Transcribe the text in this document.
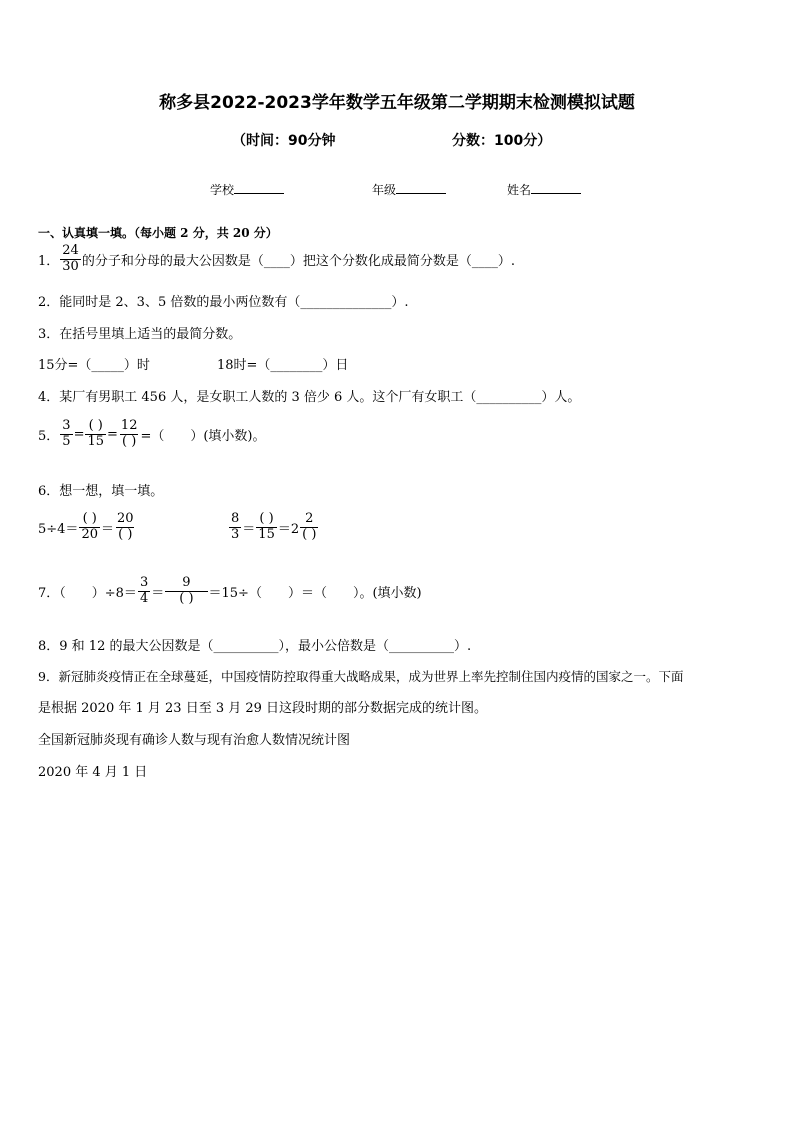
称多县2022-2023学年数学五年级第二学期期末检测模拟试题
（时间：90分钟	分数：100分）
学校	年级	姓名
一、认真填一填。（每小题 2 分，共 20 分）
1． $\frac{24}{30}$ 的分子和分母的最大公因数是（____）把这个分数化成最简分数是（____）.
2．能同时是 2、3、5 倍数的最小两位数有（______________）.
3．在括号里填上适当的最简分数。
15分=（_____）时	18时=（________）日
4．某厂有男职工 456 人，是女职工人数的 3 倍少 6 人。这个厂有女职工（__________）人。
5． $\frac{3}{5} = \frac{( )}{15} = \frac{12}{( )}$ =（　　）(填小数)。
6．想一想，填一填。
$5\div 4= \frac{( )}{20} = \frac{20}{( )}$	$\frac{8}{3} = \frac{( )}{15} =2 \frac{2}{( )}$
7．（　　）$\div 8= \frac{3}{4} = \frac{9}{( )} =15\div$（　　）＝（　　）。(填小数)
8．9 和 12 的最大公因数是（__________），最小公倍数是（__________）.
9．新冠肺炎疫情正在全球蔓延，中国疫情防控取得重大战略成果，成为世界上率先控制住国内疫情的国家之一。下面
是根据 2020 年 1 月 23 日至 3 月 29 日这段时期的部分数据完成的统计图。
全国新冠肺炎现有确诊人数与现有治愈人数情况统计图
2020 年 4 月 1 日
